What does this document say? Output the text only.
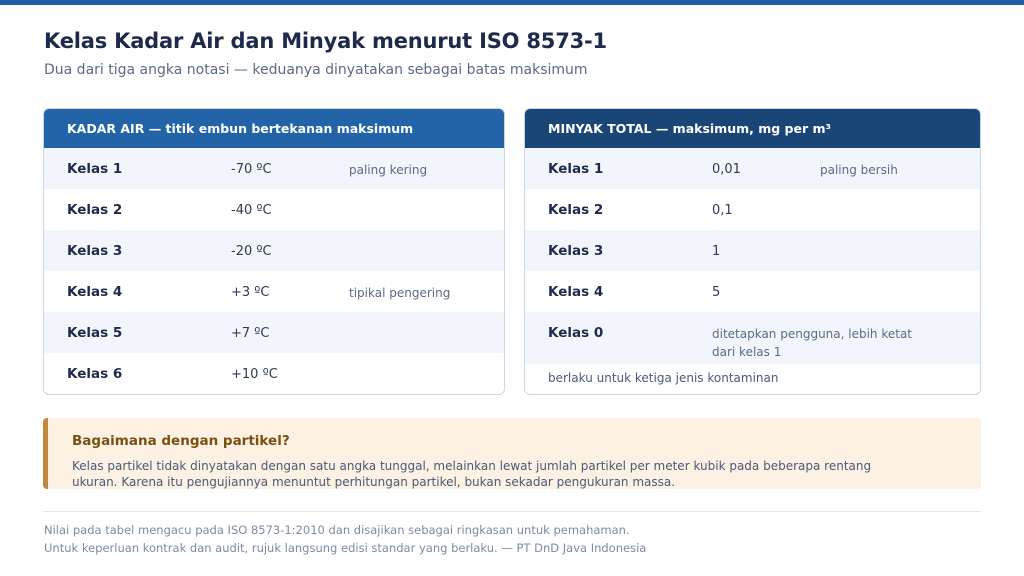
Kelas Kadar Air dan Minyak menurut ISO 8573-1
Dua dari tiga angka notasi — keduanya dinyatakan sebagai batas maksimum
KADAR AIR — titik embun bertekanan maksimum
Kelas 1	-70 ºC	paling kering
Kelas 2	-40 ºC
Kelas 3	-20 ºC
Kelas 4	+3 ºC	tipikal pengering
Kelas 5	+7 ºC
Kelas 6	+10 ºC
MINYAK TOTAL — maksimum, mg per m³
Kelas 1	0,01	paling bersih
Kelas 2	0,1
Kelas 3	1
Kelas 4	5
Kelas 0	ditetapkan pengguna, lebih ketat dari kelas 1
berlaku untuk ketiga jenis kontaminan
Bagaimana dengan partikel?
Kelas partikel tidak dinyatakan dengan satu angka tunggal, melainkan lewat jumlah partikel per meter kubik pada beberapa rentang ukuran. Karena itu pengujiannya menuntut perhitungan partikel, bukan sekadar pengukuran massa.
Nilai pada tabel mengacu pada ISO 8573-1:2010 dan disajikan sebagai ringkasan untuk pemahaman.
Untuk keperluan kontrak dan audit, rujuk langsung edisi standar yang berlaku. — PT DnD Java Indonesia
